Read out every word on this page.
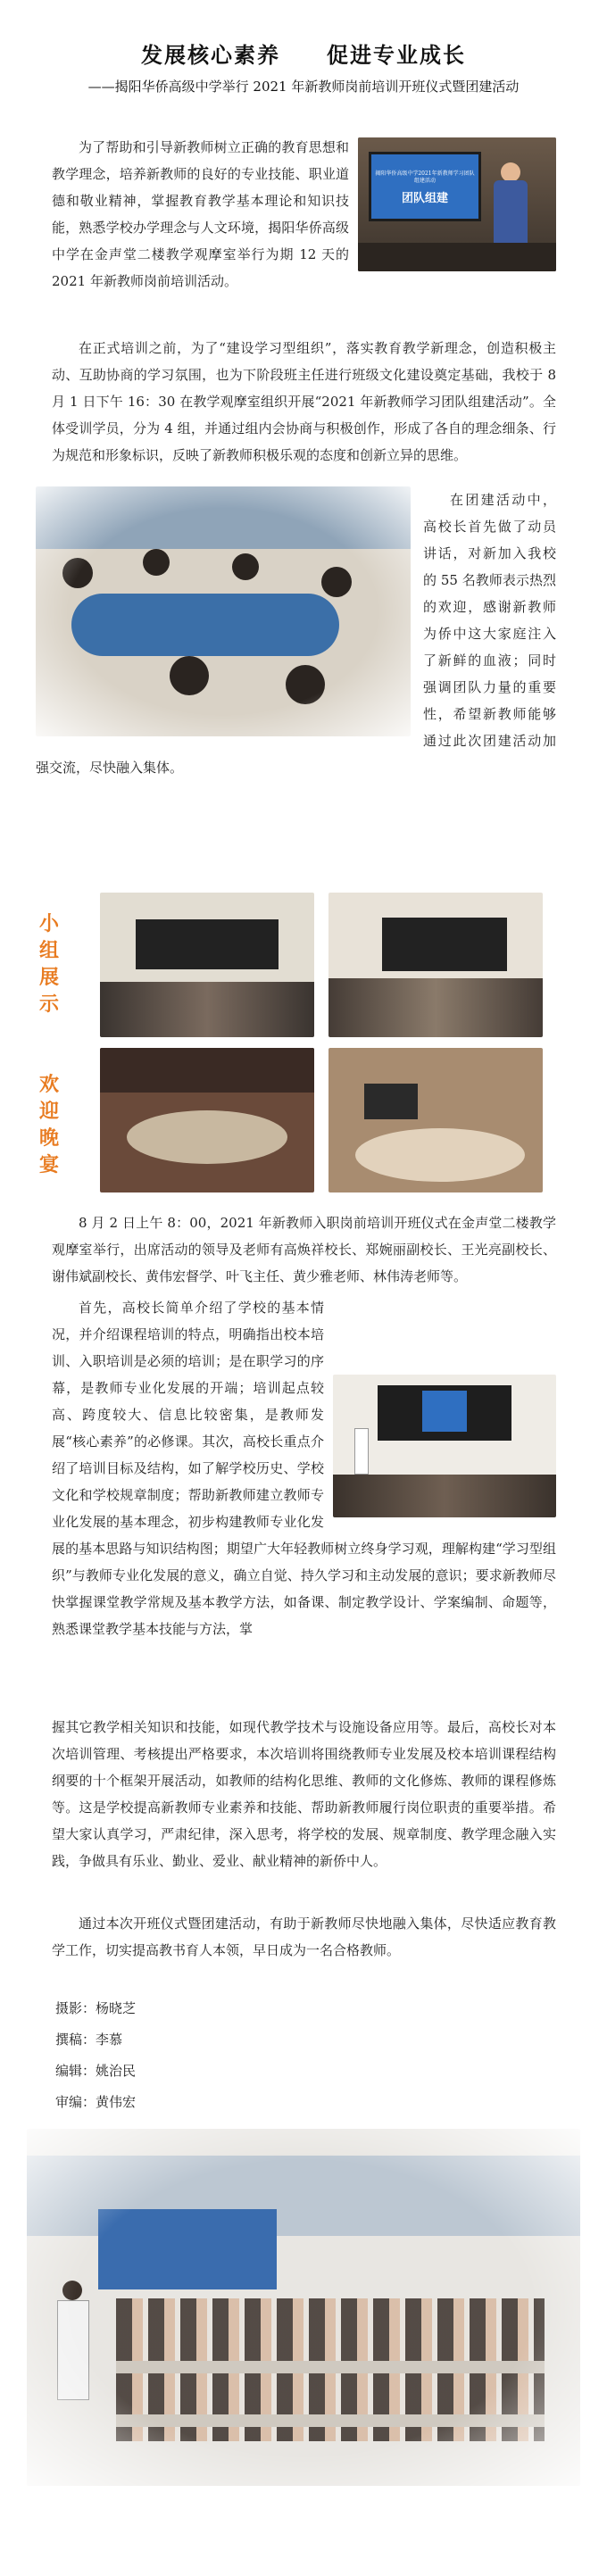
发展核心素养　　促进专业成长
——揭阳华侨高级中学举行 2021 年新教师岗前培训开班仪式暨团建活动
揭阳华侨高级中学2021年新教师学习团队组建活动
团队组建

为了帮助和引导新教师树立正确的教育思想和教学理念，培养新教师的良好的专业技能、职业道德和敬业精神，掌握教育教学基本理论和知识技能，熟悉学校办学理念与人文环境，揭阳华侨高级中学在金声堂二楼教学观摩室举行为期 12 天的 2021 年新教师岗前培训活动。

在正式培训之前，为了“建设学习型组织”，落实教育教学新理念，创造积极主动、互助协商的学习氛围，也为下阶段班主任进行班级文化建设奠定基础，我校于 8 月 1 日下午 16：30 在教学观摩室组织开展“2021 年新教师学习团队组建活动”。全体受训学员，分为 4 组，并通过组内会协商与积极创作，形成了各自的理念细条、行为规范和形象标识，反映了新教师积极乐观的态度和创新立异的思维。

在团建活动中，高校长首先做了动员讲话，对新加入我校的 55 名教师表示热烈的欢迎，感谢新教师为侨中这大家庭注入了新鲜的血液；同时强调团队力量的重要性，希望新教师能够通过此次团建活动加强交流，尽快融入集体。

小组展示
欢迎晚宴

8 月 2 日上午 8：00，2021 年新教师入职岗前培训开班仪式在金声堂二楼教学观摩室举行，出席活动的领导及老师有高焕祥校长、郑婉丽副校长、王光亮副校长、谢伟斌副校长、黄伟宏督学、叶飞主任、黄少雅老师、林伟涛老师等。

首先，高校长简单介绍了学校的基本情况，并介绍课程培训的特点，明确指出校本培训、入职培训是必须的培训；是在职学习的序幕，是教师专业化发展的开端；培训起点较高、跨度较大、信息比较密集，是教师发展“核心素养”的必修课。其次，高校长重点介绍了培训目标及结构，如了解学校历史、学校文化和学校规章制度；帮助新教师建立教师专业化发展的基本理念，初步构建教师专业化发展的基本思路与知识结构图；期望广大年轻教师树立终身学习观，理解构建“学习型组织”与教师专业化发展的意义，确立自觉、持久学习和主动发展的意识；要求新教师尽快掌握课堂教学常规及基本教学方法，如备课、制定教学设计、学案编制、命题等，熟悉课堂教学基本技能与方法，掌

握其它教学相关知识和技能，如现代教学技术与设施设备应用等。最后，高校长对本次培训管理、考核提出严格要求，本次培训将围绕教师专业发展及校本培训课程结构纲要的十个框架开展活动，如教师的结构化思维、教师的文化修炼、教师的课程修炼等。这是学校提高新教师专业素养和技能、帮助新教师履行岗位职责的重要举措。希望大家认真学习，严肃纪律，深入思考，将学校的发展、规章制度、教学理念融入实践，争做具有乐业、勤业、爱业、献业精神的新侨中人。

通过本次开班仪式暨团建活动，有助于新教师尽快地融入集体，尽快适应教育教学工作，切实提高教书育人本领，早日成为一名合格教师。

摄影：杨晓芝
撰稿：李慕
编辑：姚治民
审编：黄伟宏
